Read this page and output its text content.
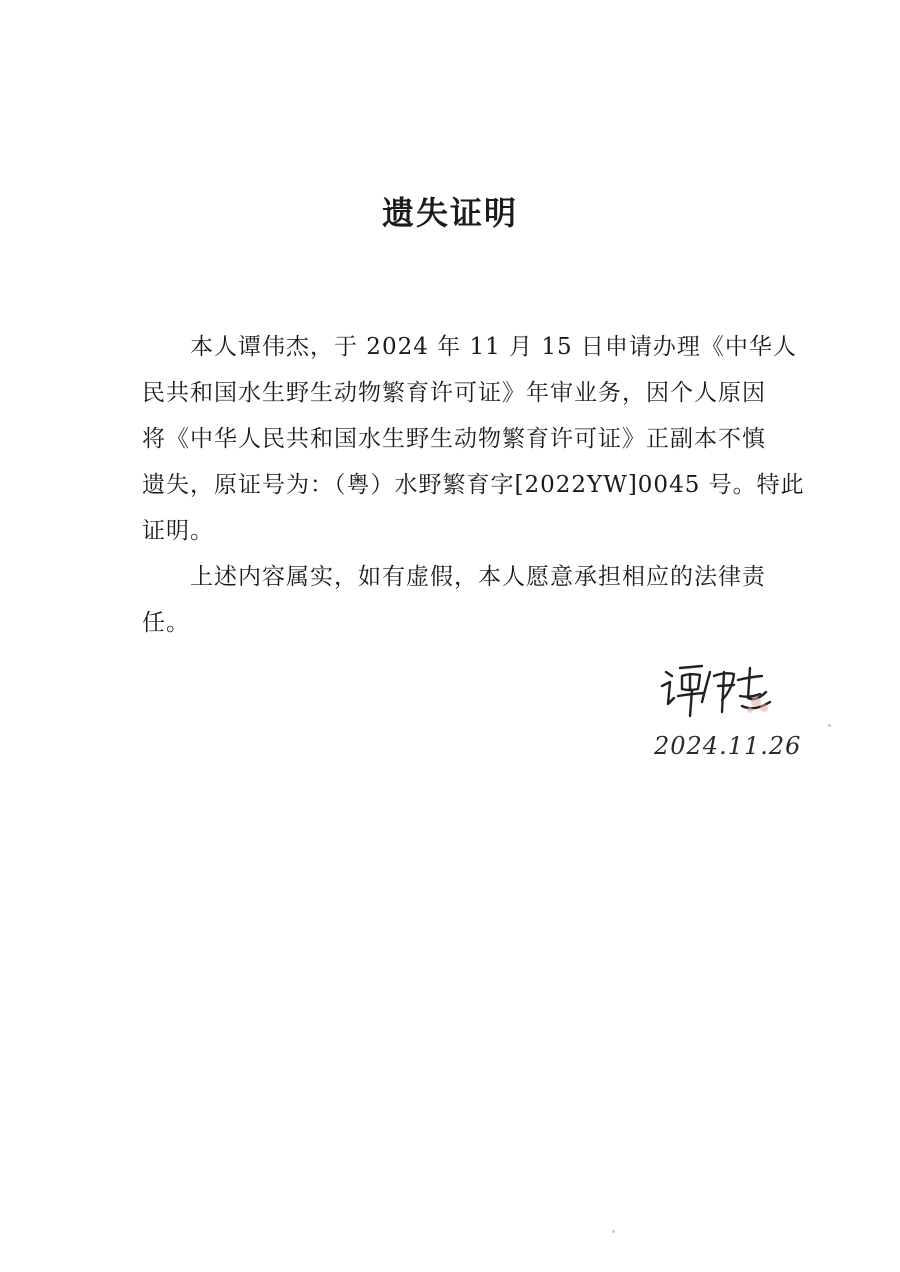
遗失证明
本人谭伟杰，于 2024 年 11 月 15 日申请办理《中华人
民共和国水生野生动物繁育许可证》年审业务，因个人原因
将《中华人民共和国水生野生动物繁育许可证》正副本不慎
遗失，原证号为：（粤）水野繁育字[2022YW]0045 号。特此
证明。
上述内容属实，如有虚假，本人愿意承担相应的法律责
任。
2024.11.26
